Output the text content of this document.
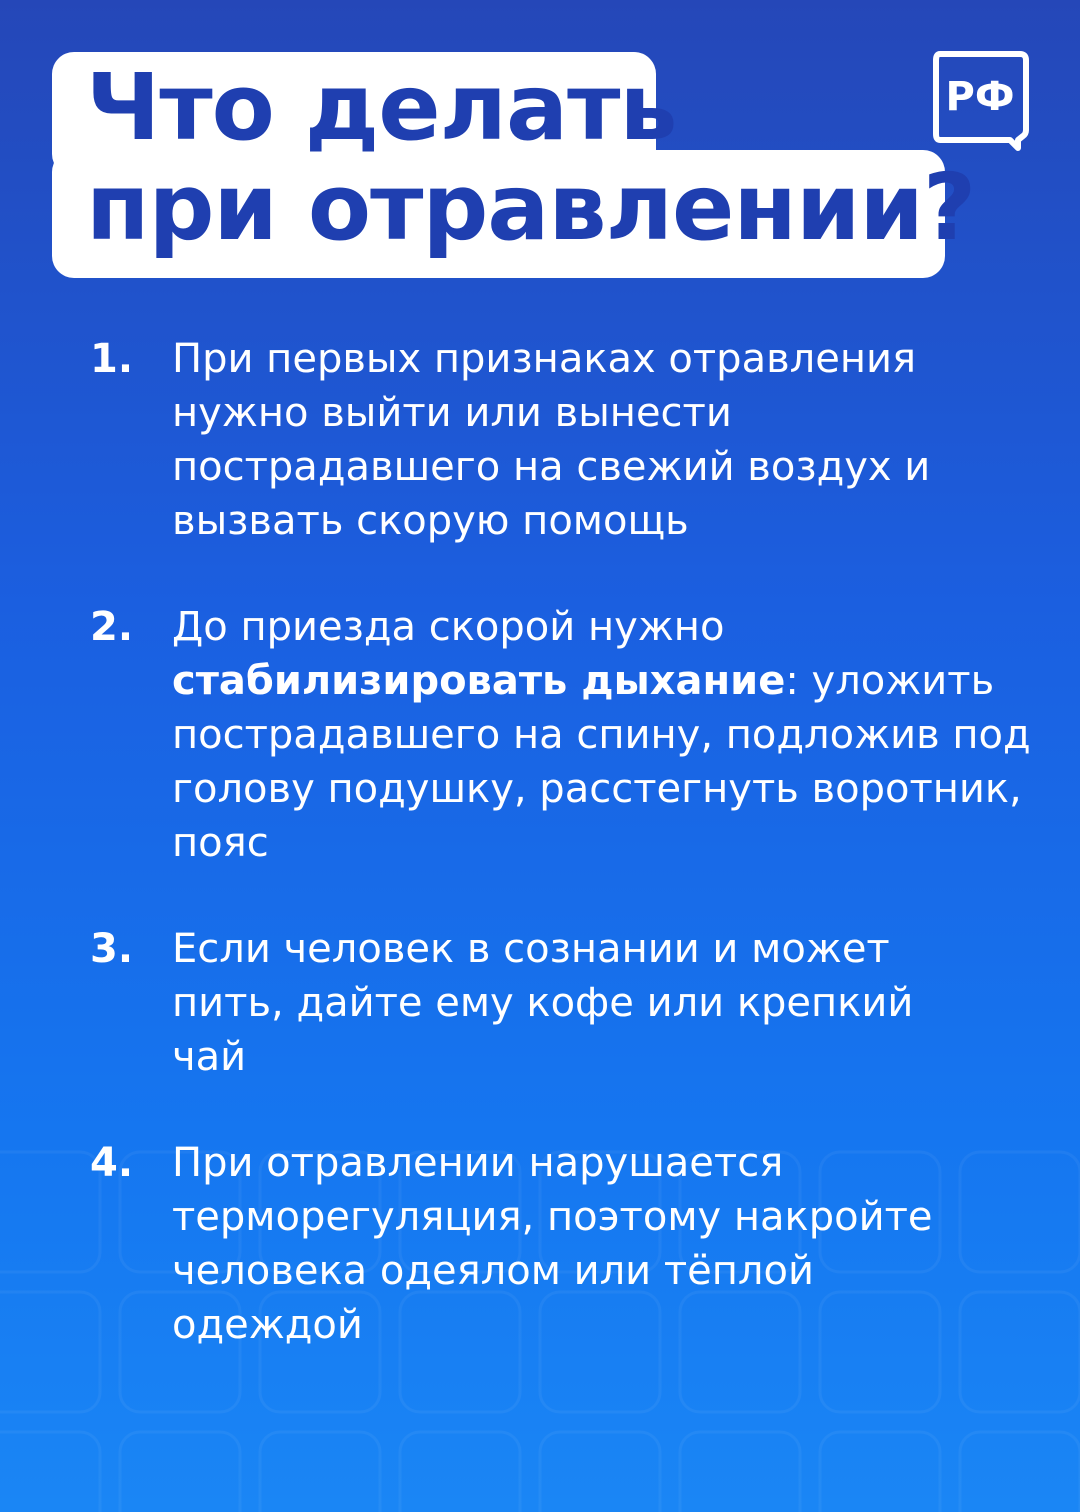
Что делать
при отравлении?
РФ
1. При первых признаках отравления нужно выйти или вынести пострадавшего на свежий воздух и вызвать скорую помощь
2. До приезда скорой нужно стабилизировать дыхание: уложить пострадавшего на спину, подложив под голову подушку, расстегнуть воротник, пояс
3. Если человек в сознании и может пить, дайте ему кофе или крепкий чай
4. При отравлении нарушается терморегуляция, поэтому накройте человека одеялом или тёплой одеждой
